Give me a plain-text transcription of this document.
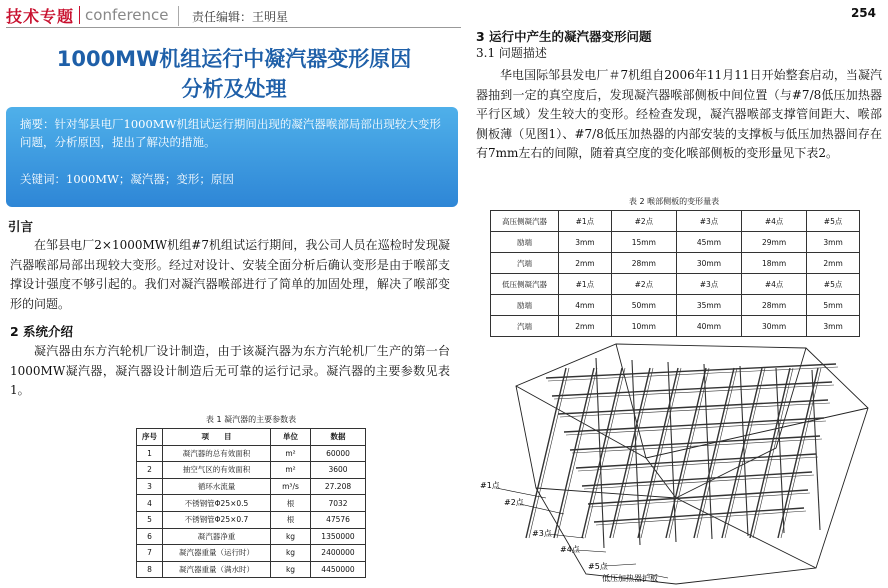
技术专题 conference 责任编辑：王明星	254
1000MW机组运行中凝汽器变形原因
分析及处理
摘要：针对邹县电厂1000MW机组试运行期间出现的凝汽器喉部局部出现较大变形问题，分析原因，提出了解决的措施。
关键词：1000MW；凝汽器；变形；原因
引言
在邹县电厂2×1000MW机组#7机组试运行期间，我公司人员在巡检时发现凝汽器喉部局部出现较大变形。经过对设计、安装全面分析后确认变形是由于喉部支撑设计强度不够引起的。我们对凝汽器喉部进行了简单的加固处理，解决了喉部变形的问题。
2 系统介绍
凝汽器由东方汽轮机厂设计制造，由于该凝汽器为东方汽轮机厂生产的第一台1000MW凝汽器，凝汽器设计制造后无可靠的运行记录。凝汽器的主要参数见表1。
表 1 凝汽器的主要参数表
序号	项　　目	单位	数据
1	凝汽器的总有效面积	m²	60000
2	抽空气区的有效面积	m²	3600
3	循环水流量	m³/s	27.208
4	不锈钢管Φ25×0.5	根	7032
5	不锈钢管Φ25×0.7	根	47576
6	凝汽器净重	kg	1350000
7	凝汽器重量（运行时）	kg	2400000
8	凝汽器重量（满水时）	kg	4450000
3 运行中产生的凝汽器变形问题
3.1 问题描述
华电国际邹县发电厂＃7机组自2006年11月11日开始整套启动，当凝汽器抽到一定的真空度后，发现凝汽器喉部侧板中间位置（与#7/8低压加热器平行区域）发生较大的变形。经检查发现，凝汽器喉部支撑管间距大、喉部侧板薄（见图1）、#7/8低压加热器的内部安装的支撑板与低压加热器间存在有7mm左右的间隙，随着真空度的变化喉部侧板的变形量见下表2。
表 2 喉部侧板的变形量表
高压侧凝汽器	#1点	#2点	#3点	#4点	#5点
励端	3mm	15mm	45mm	29mm	3mm
汽端	2mm	28mm	30mm	18mm	2mm
低压侧凝汽器	#1点	#2点	#3点	#4点	#5点
励端	4mm	50mm	35mm	28mm	5mm
汽端	2mm	10mm	40mm	30mm	3mm
#1点
#2点
#3点
#4点
#5点
低压加热器护板
